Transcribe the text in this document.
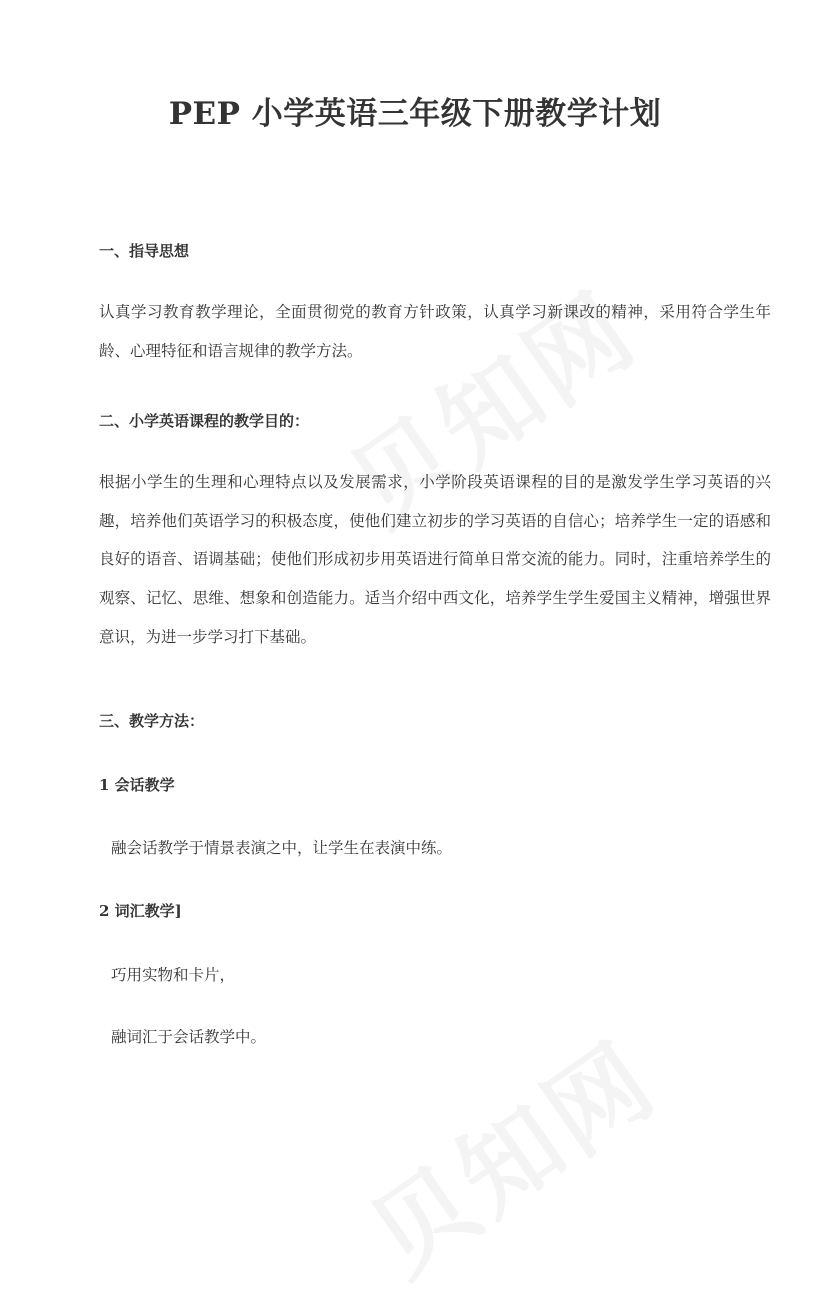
PEP 小学英语三年级下册教学计划
一、指导思想
认真学习教育教学理论，全面贯彻党的教育方针政策，认真学习新课改的精神，采用符合学生年龄、心理特征和语言规律的教学方法。
二、小学英语课程的教学目的：
根据小学生的生理和心理特点以及发展需求，小学阶段英语课程的目的是激发学生学习英语的兴趣，培养他们英语学习的积极态度，使他们建立初步的学习英语的自信心；培养学生一定的语感和良好的语音、语调基础；使他们形成初步用英语进行简单日常交流的能力。同时，注重培养学生的观察、记忆、思维、想象和创造能力。适当介绍中西文化，培养学生学生爱国主义精神，增强世界意识，为进一步学习打下基础。
三、教学方法：
1 会话教学
融会话教学于情景表演之中，让学生在表演中练。
2 词汇教学]
巧用实物和卡片，
融词汇于会话教学中。
